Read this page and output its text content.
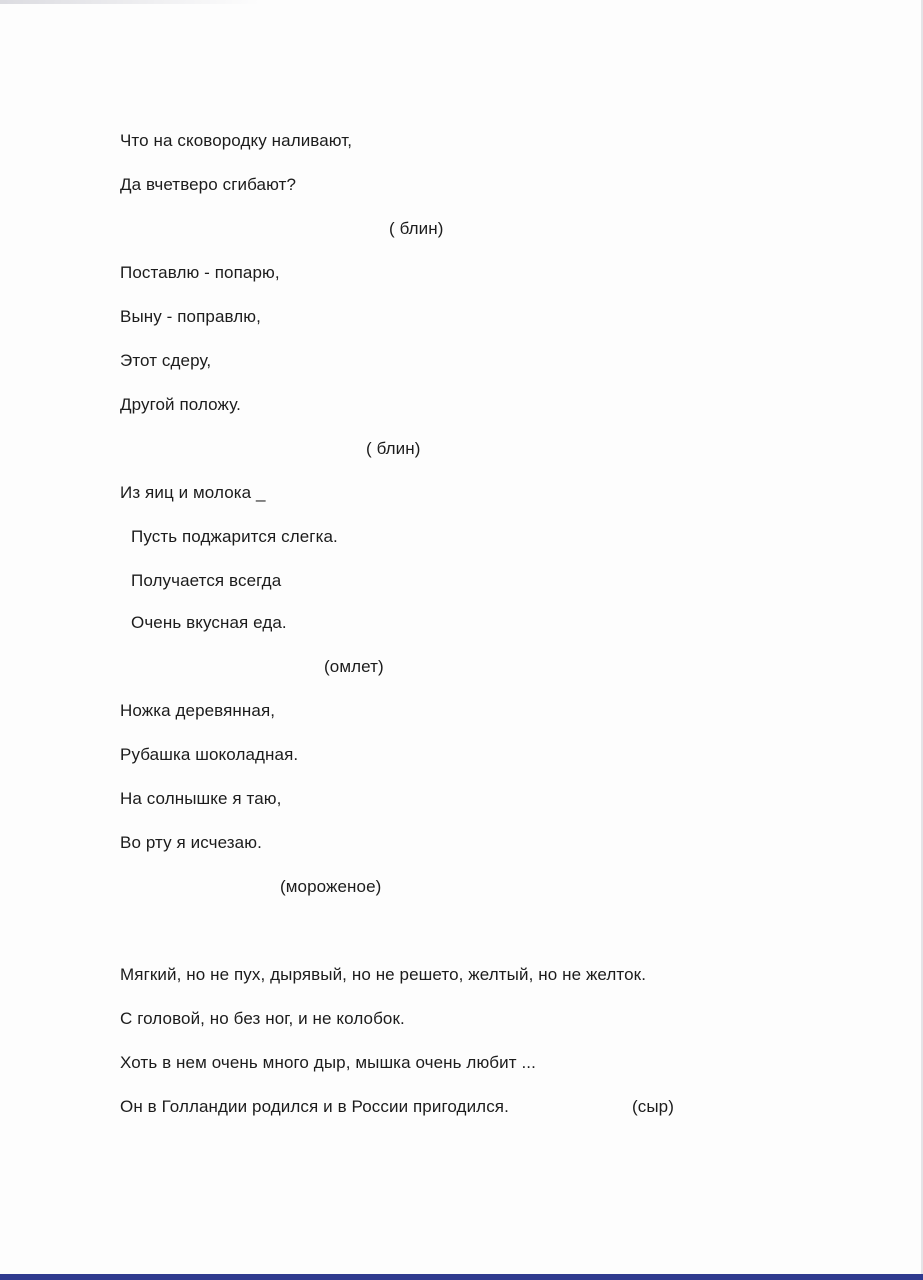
Что на сковородку наливают,
Да вчетверо сгибают?
( блин)
Поставлю - попарю,
Выну - поправлю,
Этот сдеру,
Другой положу.
( блин)
Из яиц и молока _
Пусть поджарится слегка.
Получается всегда
Очень вкусная еда.
(омлет)
Ножка деревянная,
Рубашка шоколадная.
На солнышке я таю,
Во рту я исчезаю.
(мороженое)
Мягкий, но не пух, дырявый, но не решето, желтый, но не желток.
С головой, но без ног, и не колобок.
Хоть в нем очень много дыр, мышка очень любит ...
Он в Голландии родился и в России пригодился.	(сыр)
